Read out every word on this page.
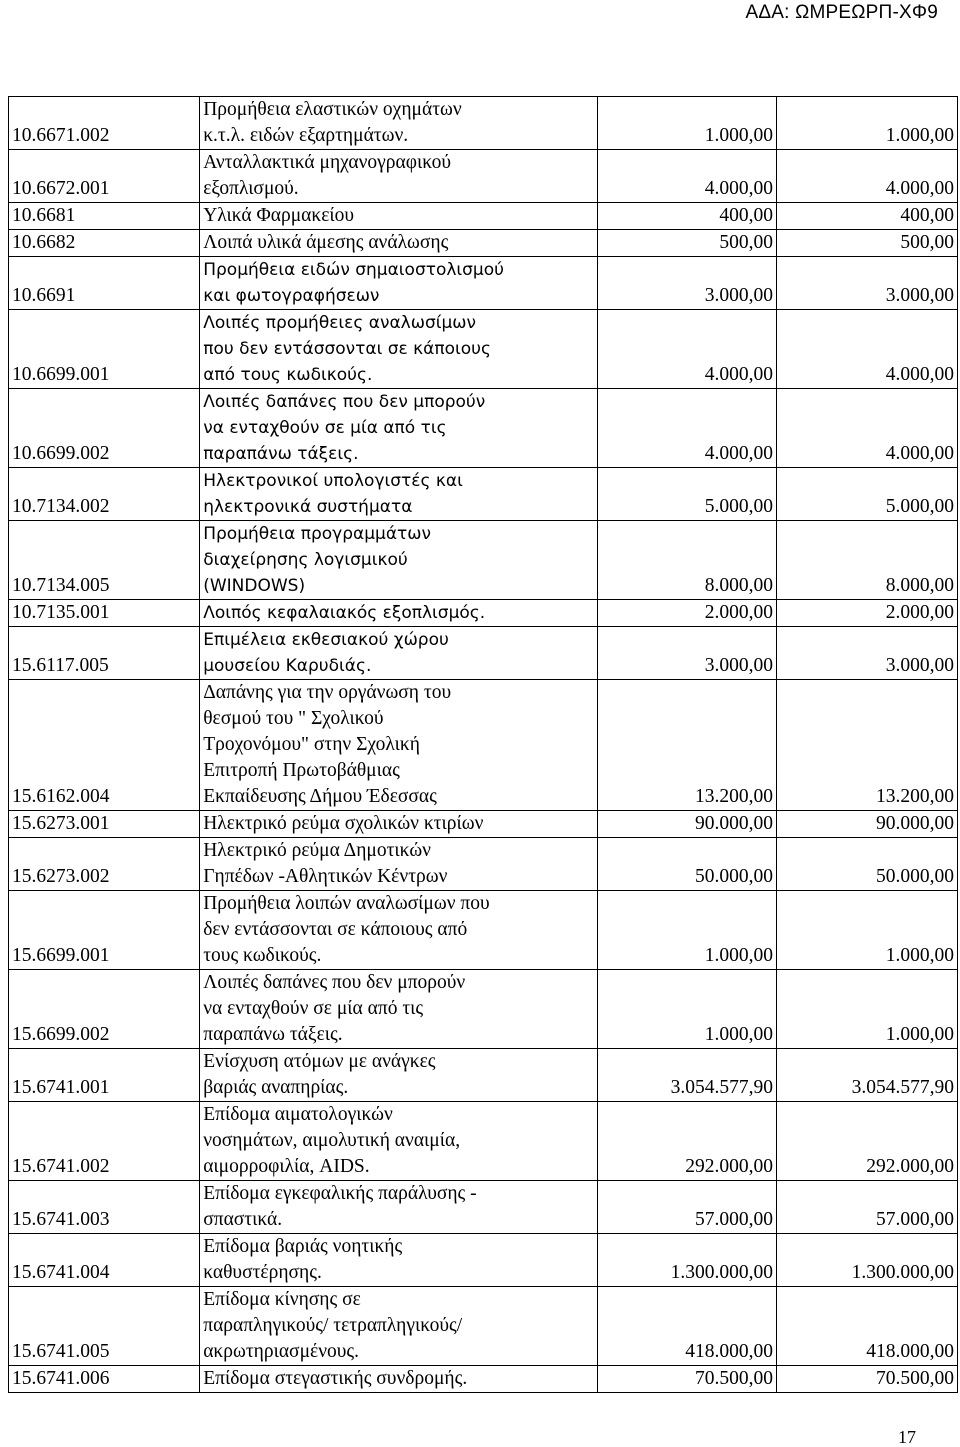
ΑΔΑ: ΩΜΡΕΩΡΠ-ΧΦ9
10.6671.002	Προμήθεια ελαστικών οχημάτων
κ.τ.λ. ειδών εξαρτημάτων.	1.000,00	1.000,00
10.6672.001	Ανταλλακτικά μηχανογραφικού
εξοπλισμού.	4.000,00	4.000,00
10.6681	Υλικά Φαρμακείου	400,00	400,00
10.6682	Λοιπά υλικά άμεσης ανάλωσης	500,00	500,00
10.6691	Προμήθεια ειδών σημαιοστολισμού
και φωτογραφήσεων	3.000,00	3.000,00
10.6699.001	Λοιπές προμήθειες αναλωσίμων
που δεν εντάσσονται σε κάποιους
από τους κωδικούς.	4.000,00	4.000,00
10.6699.002	Λοιπές δαπάνες που δεν μπορούν
να ενταχθούν σε μία από τις
παραπάνω τάξεις.	4.000,00	4.000,00
10.7134.002	Ηλεκτρονικοί υπολογιστές και
ηλεκτρονικά συστήματα	5.000,00	5.000,00
10.7134.005	Προμήθεια προγραμμάτων
διαχείρησης λογισμικού
(WINDOWS)	8.000,00	8.000,00
10.7135.001	Λοιπός κεφαλαιακός εξοπλισμός.	2.000,00	2.000,00
15.6117.005	Επιμέλεια εκθεσιακού χώρου
μουσείου Καρυδιάς.	3.000,00	3.000,00
15.6162.004	Δαπάνης για την οργάνωση του
θεσμού του " Σχολικού
Τροχονόμου" στην Σχολική
Επιτροπή Πρωτοβάθμιας
Εκπαίδευσης Δήμου Έδεσσας	13.200,00	13.200,00
15.6273.001	Ηλεκτρικό ρεύμα σχολικών κτιρίων	90.000,00	90.000,00
15.6273.002	Ηλεκτρικό ρεύμα Δημοτικών
Γηπέδων -Αθλητικών Κέντρων	50.000,00	50.000,00
15.6699.001	Προμήθεια λοιπών αναλωσίμων που
δεν εντάσσονται σε κάποιους από
τους κωδικούς.	1.000,00	1.000,00
15.6699.002	Λοιπές δαπάνες που δεν μπορούν
να ενταχθούν σε μία από τις
παραπάνω τάξεις.	1.000,00	1.000,00
15.6741.001	Ενίσχυση ατόμων με ανάγκες
βαριάς αναπηρίας.	3.054.577,90	3.054.577,90
15.6741.002	Επίδομα αιματολογικών
νοσημάτων, αιμολυτική αναιμία,
αιμορροφιλία, AIDS.	292.000,00	292.000,00
15.6741.003	Επίδομα εγκεφαλικής παράλυσης -
σπαστικά.	57.000,00	57.000,00
15.6741.004	Επίδομα βαριάς νοητικής
καθυστέρησης.	1.300.000,00	1.300.000,00
15.6741.005	Επίδομα κίνησης σε
παραπληγικούς/ τετραπληγικούς/
ακρωτηριασμένους.	418.000,00	418.000,00
15.6741.006	Επίδομα στεγαστικής συνδρομής.	70.500,00	70.500,00
17
